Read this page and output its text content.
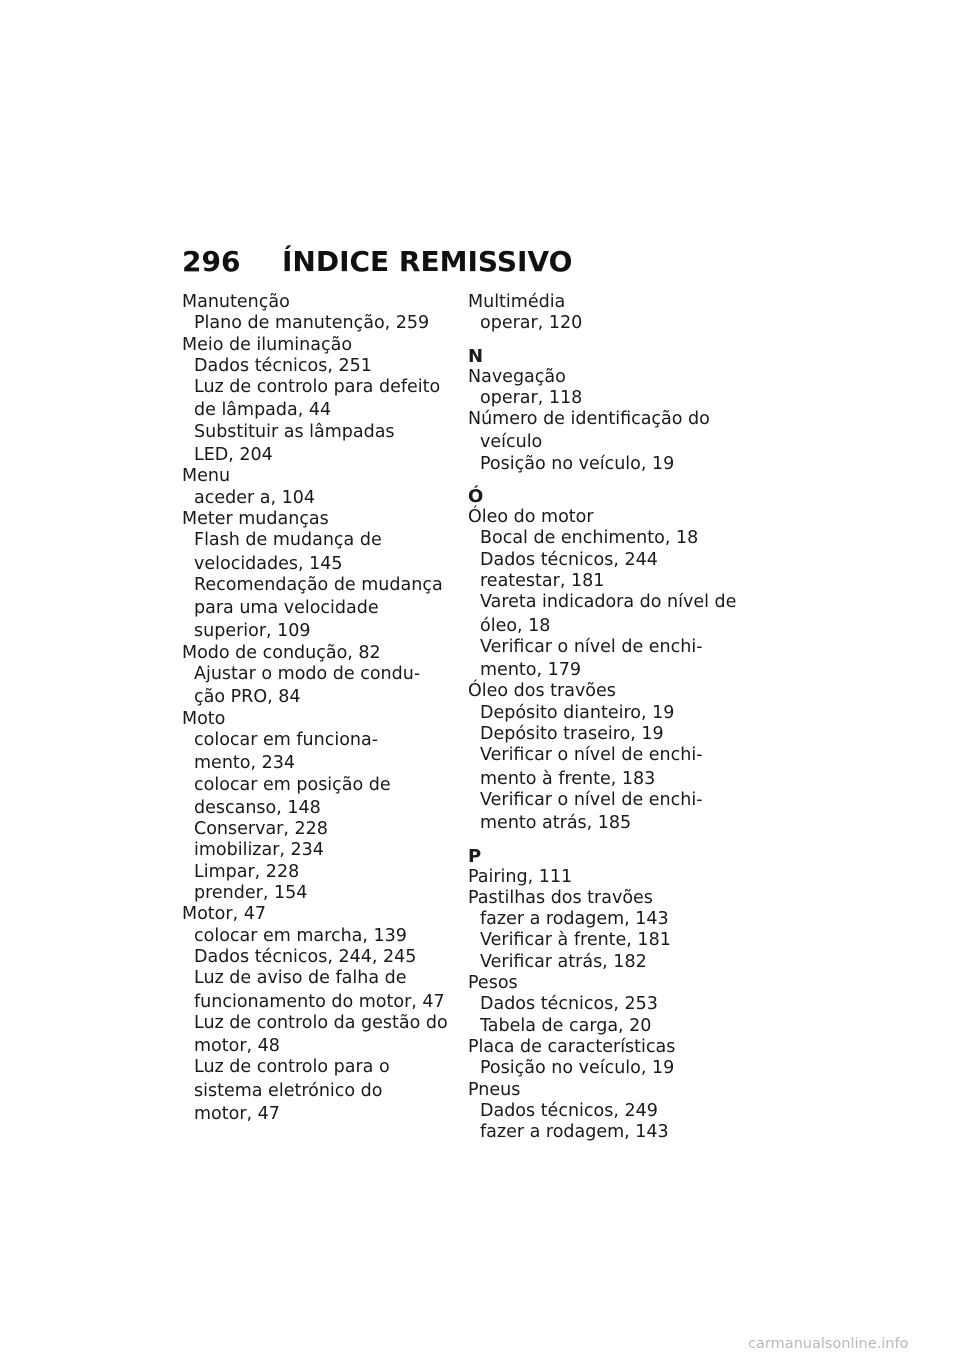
296 ÍNDICE REMISSIVO
Manutenção
Plano de manutenção, 259
Meio de iluminação
Dados técnicos, 251
Luz de controlo para defeito
de lâmpada, 44
Substituir as lâmpadas
LED, 204
Menu
aceder a, 104
Meter mudanças
Flash de mudança de
velocidades, 145
Recomendação de mudança
para uma velocidade
superior, 109
Modo de condução, 82
Ajustar o modo de condu-
ção PRO, 84
Moto
colocar em funciona-
mento, 234
colocar em posição de
descanso, 148
Conservar, 228
imobilizar, 234
Limpar, 228
prender, 154
Motor, 47
colocar em marcha, 139
Dados técnicos, 244, 245
Luz de aviso de falha de
funcionamento do motor, 47
Luz de controlo da gestão do
motor, 48
Luz de controlo para o
sistema eletrónico do
motor, 47
Multimédia
operar, 120
N
Navegação
operar, 118
Número de identificação do
veículo
Posição no veículo, 19
Ó
Óleo do motor
Bocal de enchimento, 18
Dados técnicos, 244
reatestar, 181
Vareta indicadora do nível de
óleo, 18
Verificar o nível de enchi-
mento, 179
Óleo dos travões
Depósito dianteiro, 19
Depósito traseiro, 19
Verificar o nível de enchi-
mento à frente, 183
Verificar o nível de enchi-
mento atrás, 185
P
Pairing, 111
Pastilhas dos travões
fazer a rodagem, 143
Verificar à frente, 181
Verificar atrás, 182
Pesos
Dados técnicos, 253
Tabela de carga, 20
Placa de características
Posição no veículo, 19
Pneus
Dados técnicos, 249
fazer a rodagem, 143
carmanualsonline.info
